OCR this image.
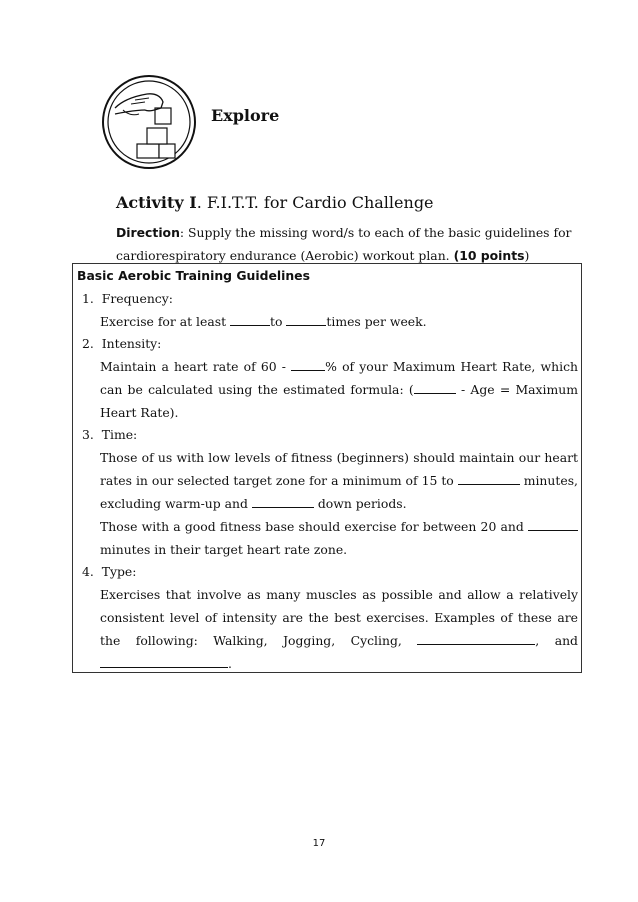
Explore
Activity I. F.I.T.T. for Cardio Challenge
Direction: Supply the missing word/s to each of the basic guidelines for cardiorespiratory endurance (Aerobic) workout plan. (10 points)
Basic Aerobic Training Guidelines
1. Frequency:
Exercise for at least	to	times per week.
2. Intensity:
Maintain a heart rate of 60 -	% of your Maximum Heart Rate, which
can be calculated using the estimated formula: (	- Age = Maximum
Heart Rate).
3. Time:
Those of us with low levels of fitness (beginners) should maintain our heart
rates in our selected target zone for a minimum of 15 to	minutes,
excluding warm-up and	down periods.
Those with a good fitness base should exercise for between 20 and
minutes in their target heart rate zone.
4. Type:
Exercises that involve as many muscles as possible and allow a relatively
consistent level of intensity are the best exercises. Examples of these are
the following: Walking, Jogging, Cycling,	, and
.
17
